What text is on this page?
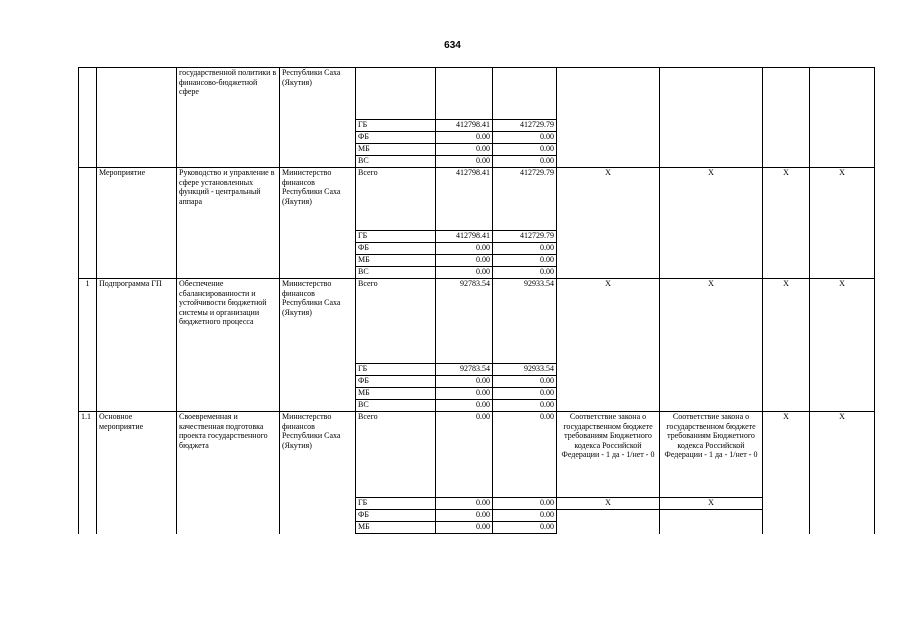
634
		государственной политики в финансово-бюджетной сфере	Республики Саха (Якутия)							
				ГБ	412798.41	412729.79				
				ФБ	0.00	0.00				
				МБ	0.00	0.00				
				ВС	0.00	0.00				
	Мероприятие	Руководство и управление в сфере установленных функций - центральный аппара	Министерство финансов Республики Саха (Якутия)	Всего	412798.41	412729.79	X	X	X	X
				ГБ	412798.41	412729.79				
				ФБ	0.00	0.00				
				МБ	0.00	0.00				
				ВС	0.00	0.00				
1	Подпрограмма ГП	Обеспечение сбалансированности и устойчивости бюджетной системы и организации бюджетного процесса	Министерство финансов Республики Саха (Якутия)	Всего	92783.54	92933.54	X	X	X	X
				ГБ	92783.54	92933.54				
				ФБ	0.00	0.00				
				МБ	0.00	0.00				
				ВС	0.00	0.00				
1.1	Основное мероприятие	Своевременная и качественная подготовка проекта государственного бюджета	Министерство финансов Республики Саха (Якутия)	Всего	0.00	0.00	Соответствие закона о государственном бюджете требованиям Бюджетного кодекса Российской Федерации - 1 да - 1/нет - 0	Соответствие закона о государственном бюджете требованиям Бюджетного кодекса Российской Федерации - 1 да - 1/нет - 0	X	X
				ГБ	0.00	0.00	X	X		
				ФБ	0.00	0.00				
				МБ	0.00	0.00				
